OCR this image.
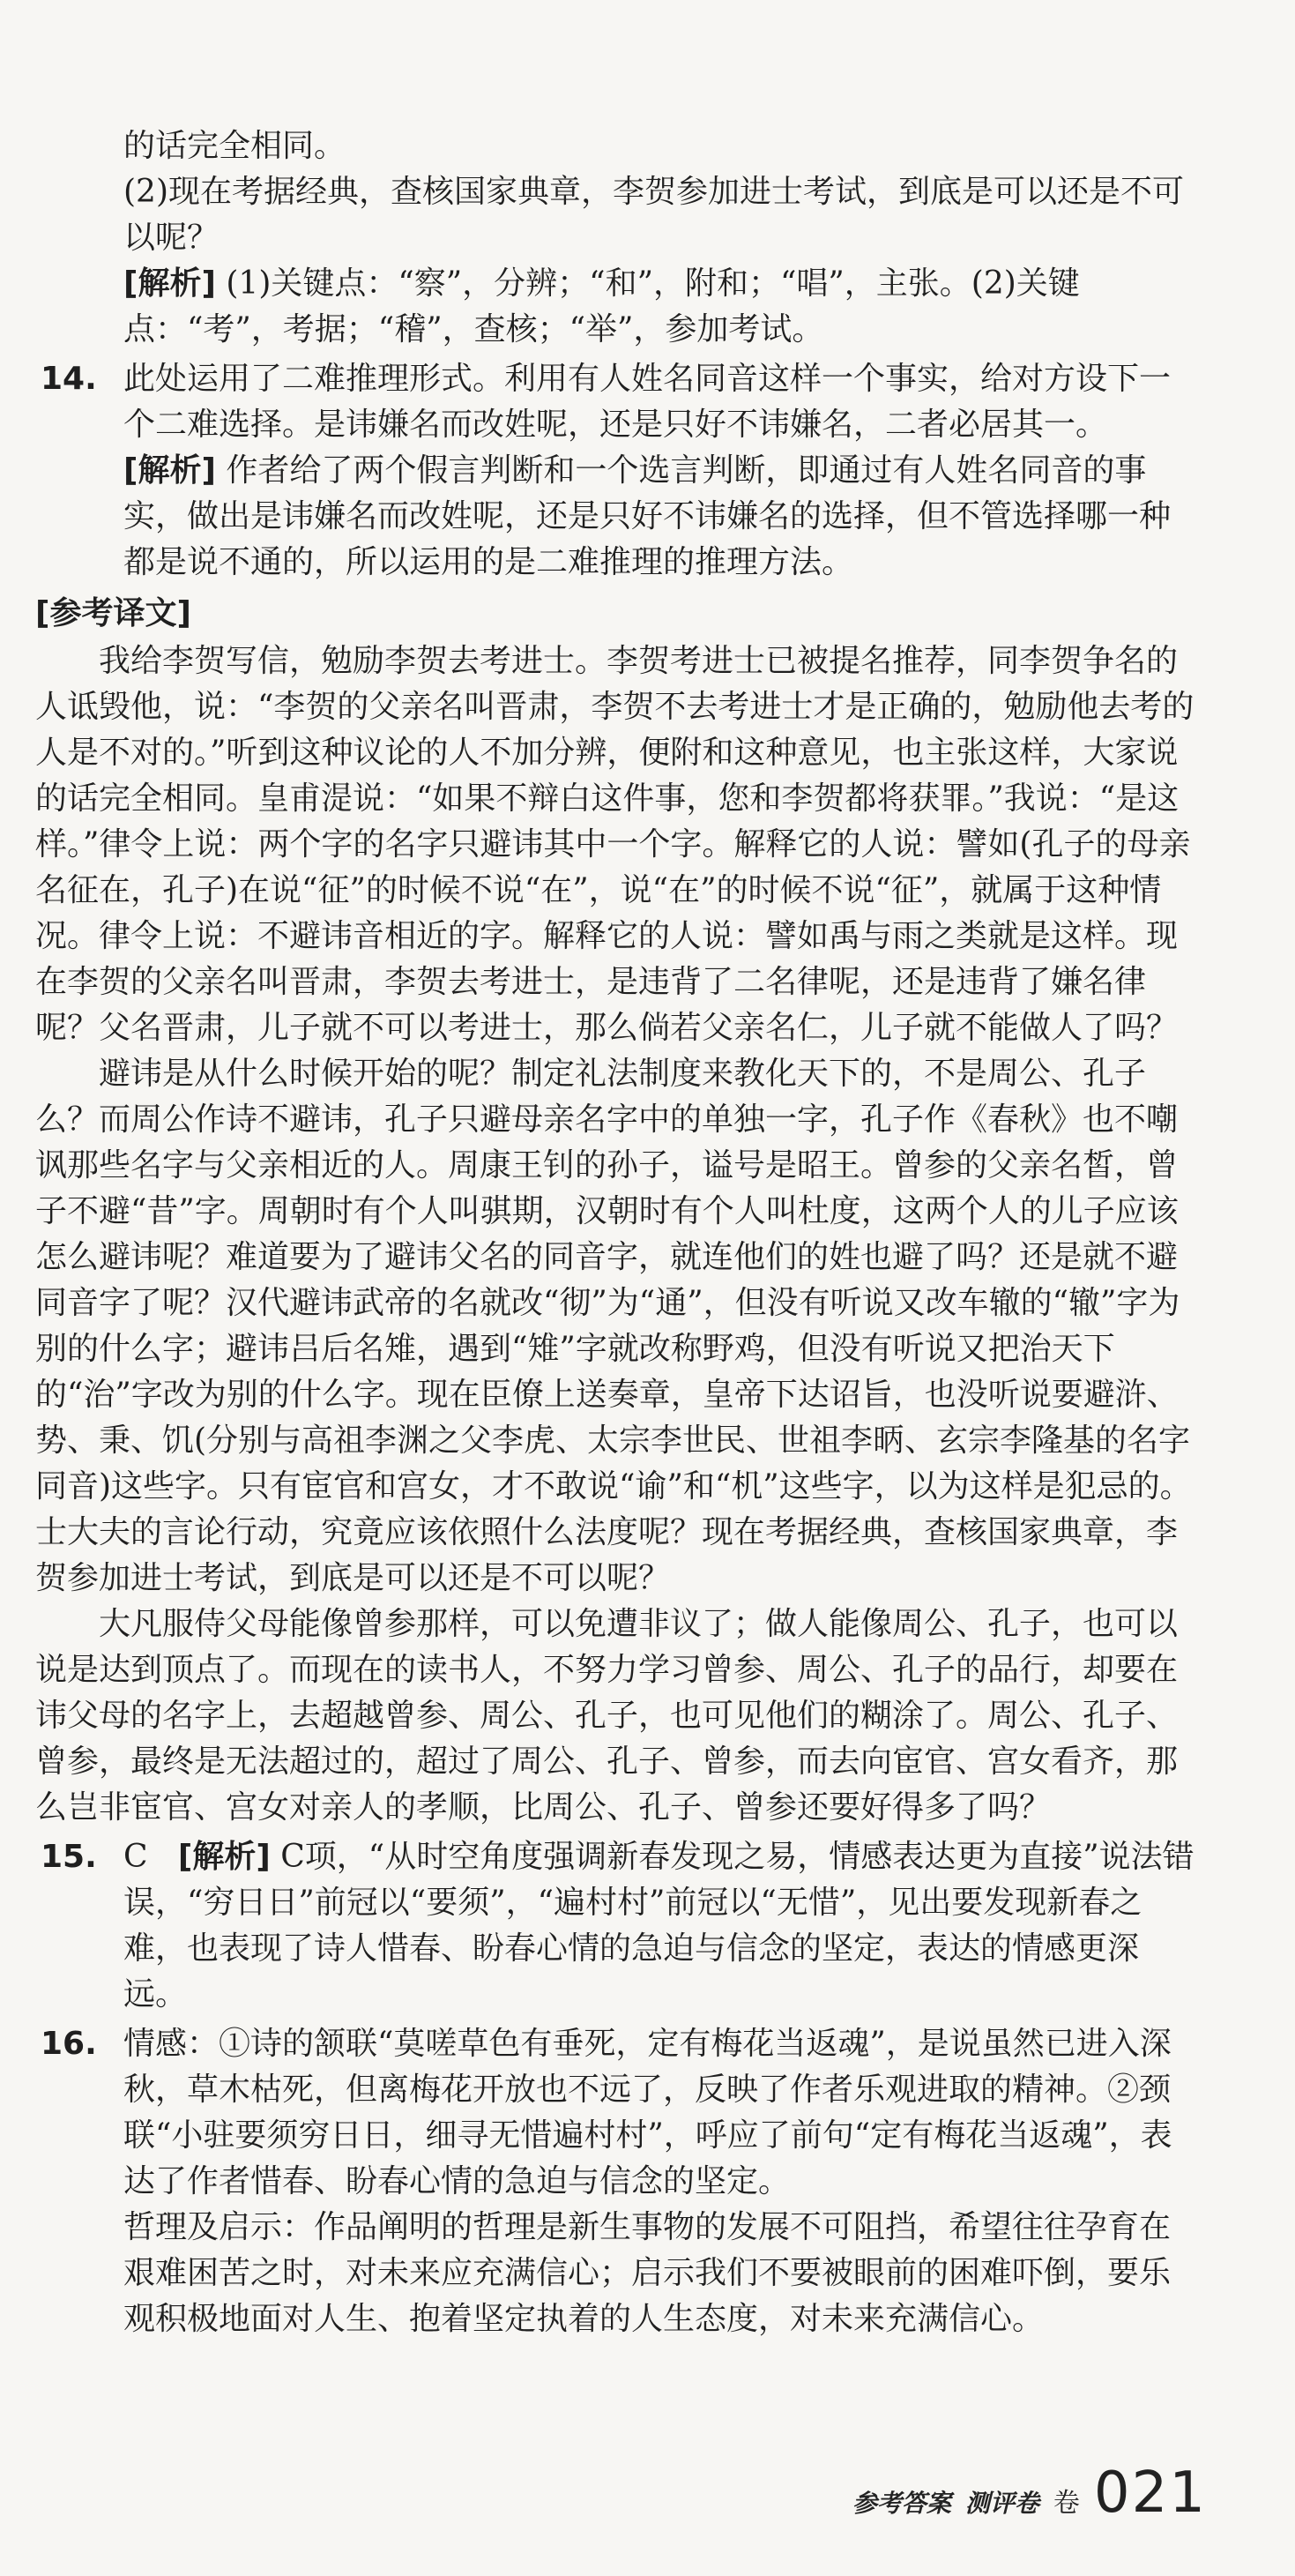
的话完全相同。

(2)现在考据经典，查核国家典章，李贺参加进士考试，到底是可以还是不可以呢？

[解析] (1)关键点：“察”，分辨；“和”，附和；“唱”，主张。(2)关键点：“考”，考据；“稽”，查核；“举”，参加考试。

14. 此处运用了二难推理形式。利用有人姓名同音这样一个事实，给对方设下一个二难选择。是讳嫌名而改姓呢，还是只好不讳嫌名，二者必居其一。
[解析] 作者给了两个假言判断和一个选言判断，即通过有人姓名同音的事实，做出是讳嫌名而改姓呢，还是只好不讳嫌名的选择，但不管选择哪一种都是说不通的，所以运用的是二难推理的推理方法。
[参考译文]

我给李贺写信，勉励李贺去考进士。李贺考进士已被提名推荐，同李贺争名的人诋毁他，说：“李贺的父亲名叫晋肃，李贺不去考进士才是正确的，勉励他去考的人是不对的。”听到这种议论的人不加分辨，便附和这种意见，也主张这样，大家说的话完全相同。皇甫湜说：“如果不辩白这件事，您和李贺都将获罪。”我说：“是这样。”律令上说：两个字的名字只避讳其中一个字。解释它的人说：譬如(孔子的母亲名征在，孔子)在说“征”的时候不说“在”，说“在”的时候不说“征”，就属于这种情况。律令上说：不避讳音相近的字。解释它的人说：譬如禹与雨之类就是这样。现在李贺的父亲名叫晋肃，李贺去考进士，是违背了二名律呢，还是违背了嫌名律呢？父名晋肃，儿子就不可以考进士，那么倘若父亲名仁，儿子就不能做人了吗？

避讳是从什么时候开始的呢？制定礼法制度来教化天下的，不是周公、孔子么？而周公作诗不避讳，孔子只避母亲名字中的单独一字，孔子作《春秋》也不嘲讽那些名字与父亲相近的人。周康王钊的孙子，谥号是昭王。曾参的父亲名皙，曾子不避“昔”字。周朝时有个人叫骐期，汉朝时有个人叫杜度，这两个人的儿子应该怎么避讳呢？难道要为了避讳父名的同音字，就连他们的姓也避了吗？还是就不避同音字了呢？汉代避讳武帝的名就改“彻”为“通”，但没有听说又改车辙的“辙”字为别的什么字；避讳吕后名雉，遇到“雉”字就改称野鸡，但没有听说又把治天下的“治”字改为别的什么字。现在臣僚上送奏章，皇帝下达诏旨，也没听说要避浒、势、秉、饥(分别与高祖李渊之父李虎、太宗李世民、世祖李昞、玄宗李隆基的名字同音)这些字。只有宦官和宫女，才不敢说“谕”和“机”这些字，以为这样是犯忌的。士大夫的言论行动，究竟应该依照什么法度呢？现在考据经典，查核国家典章，李贺参加进士考试，到底是可以还是不可以呢？

大凡服侍父母能像曾参那样，可以免遭非议了；做人能像周公、孔子，也可以说是达到顶点了。而现在的读书人，不努力学习曾参、周公、孔子的品行，却要在讳父母的名字上，去超越曾参、周公、孔子，也可见他们的糊涂了。周公、孔子、曾参，最终是无法超过的，超过了周公、孔子、曾参，而去向宦官、宫女看齐，那么岂非宦官、宫女对亲人的孝顺，比周公、孔子、曾参还要好得多了吗？

15. C [解析] C项，“从时空角度强调新春发现之易，情感表达更为直接”说法错误，“穷日日”前冠以“要须”，“遍村村”前冠以“无惜”，见出要发现新春之难，也表现了诗人惜春、盼春心情的急迫与信念的坚定，表达的情感更深远。
16. 情感：①诗的颔联“莫嗟草色有垂死，定有梅花当返魂”，是说虽然已进入深秋，草木枯死，但离梅花开放也不远了，反映了作者乐观进取的精神。②颈联“小驻要须穷日日，细寻无惜遍村村”，呼应了前句“定有梅花当返魂”，表达了作者惜春、盼春心情的急迫与信念的坚定。
哲理及启示：作品阐明的哲理是新生事物的发展不可阻挡，希望往往孕育在艰难困苦之时，对未来应充满信心；启示我们不要被眼前的困难吓倒，要乐观积极地面对人生、抱着坚定执着的人生态度，对未来充满信心。
参考答案 测评卷 卷 021
